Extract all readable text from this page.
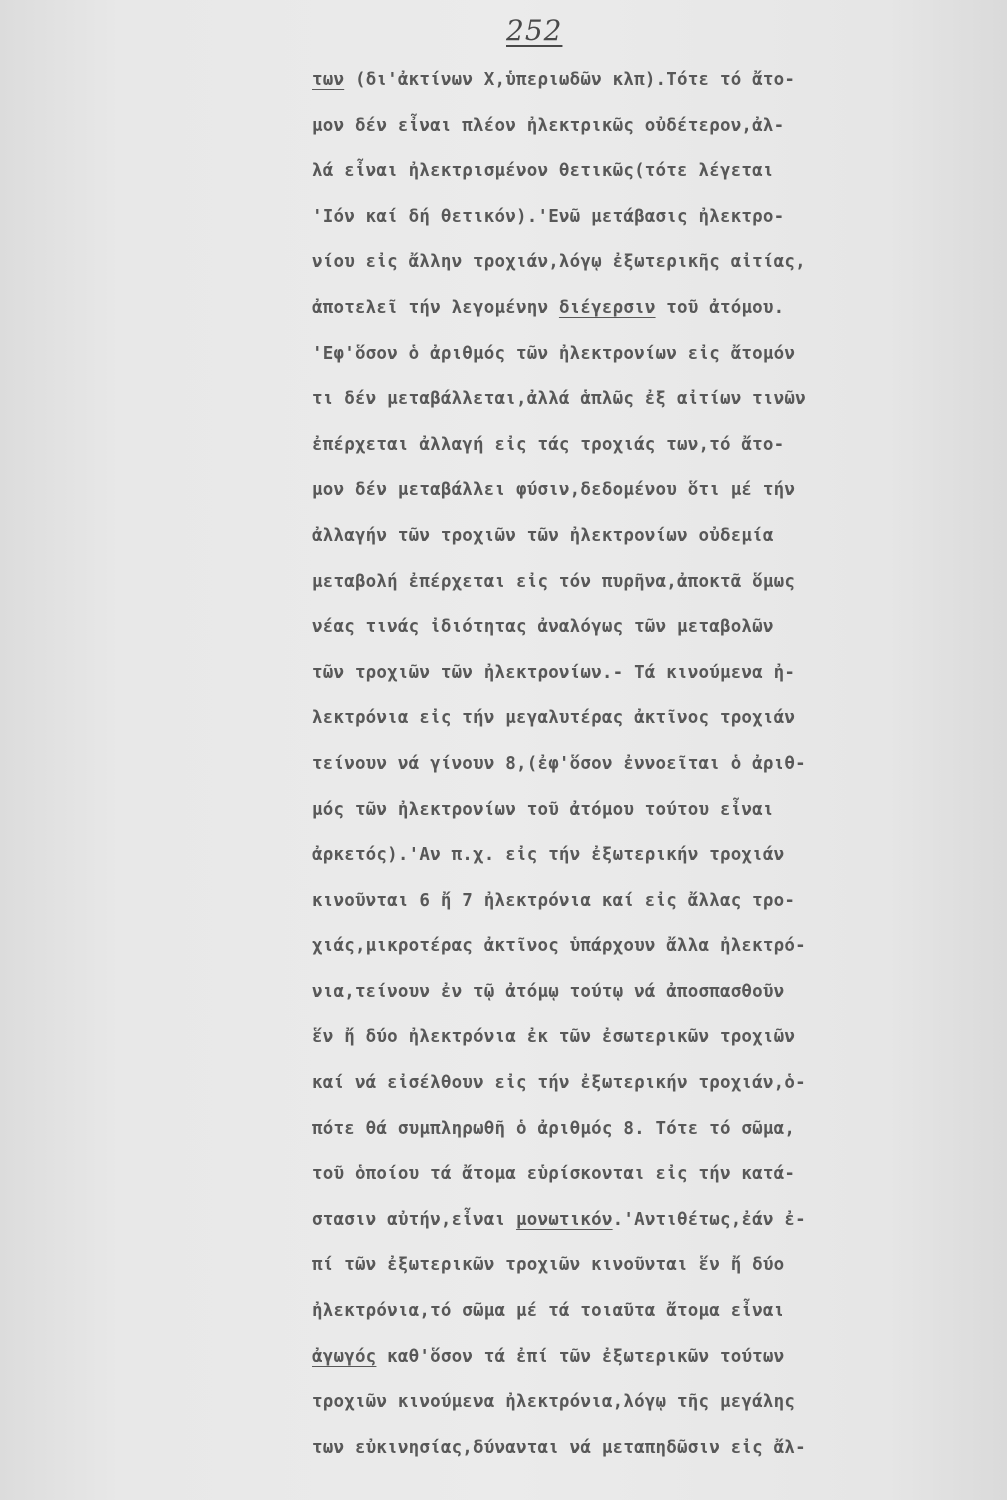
252
των (δι'ἀκτίνων Χ,ὑπεριωδῶν κλπ).Τότε τό ἄτο-
μον δέν εἶναι πλέον ἠλεκτρικῶς οὐδέτερον,ἀλ-
λά εἶναι ἠλεκτρισμένον θετικῶς(τότε λέγεται
'Ιόν καί δή θετικόν).'Ενῶ μετάβασις ἠλεκτρο-
νίου εἰς ἄλλην τροχιάν,λόγῳ ἐξωτερικῆς αἰτίας,
ἀποτελεῖ τήν λεγομένην διέγερσιν τοῦ ἀτόμου.
'Εφ'ὅσον ὁ ἀριθμός τῶν ἠλεκτρονίων εἰς ἄτομόν
τι δέν μεταβάλλεται,ἀλλά ἁπλῶς ἐξ αἰτίων τινῶν
ἐπέρχεται ἀλλαγή εἰς τάς τροχιάς των,τό ἄτο-
μον δέν μεταβάλλει φύσιν,δεδομένου ὅτι μέ τήν
ἀλλαγήν τῶν τροχιῶν τῶν ἠλεκτρονίων οὐδεμία
μεταβολή ἐπέρχεται εἰς τόν πυρῆνα,ἀποκτᾶ ὅμως
νέας τινάς ἰδιότητας ἀναλόγως τῶν μεταβολῶν
τῶν τροχιῶν τῶν ἠλεκτρονίων.- Τά κινούμενα ἠ-
λεκτρόνια εἰς τήν μεγαλυτέρας ἀκτῖνος τροχιάν
τείνουν νά γίνουν 8,(ἐφ'ὅσον ἐννοεῖται ὁ ἀριθ-
μός τῶν ἠλεκτρονίων τοῦ ἀτόμου τούτου εἶναι
ἀρκετός).'Αν π.χ. εἰς τήν ἐξωτερικήν τροχιάν
κινοῦνται 6 ἤ 7 ἠλεκτρόνια καί εἰς ἄλλας τρο-
χιάς,μικροτέρας ἀκτῖνος ὑπάρχουν ἄλλα ἠλεκτρό-
νια,τείνουν ἐν τῷ ἀτόμῳ τούτῳ νά ἀποσπασθοῦν
ἕν ἤ δύο ἠλεκτρόνια ἐκ τῶν ἐσωτερικῶν τροχιῶν
καί νά εἰσέλθουν εἰς τήν ἐξωτερικήν τροχιάν,ὁ-
πότε θά συμπληρωθῆ ὁ ἀριθμός 8. Τότε τό σῶμα,
τοῦ ὁποίου τά ἄτομα εὑρίσκονται εἰς τήν κατά-
στασιν αὐτήν,εἶναι μονωτικόν.'Αντιθέτως,ἐάν ἐ-
πί τῶν ἐξωτερικῶν τροχιῶν κινοῦνται ἕν ἤ δύο
ἠλεκτρόνια,τό σῶμα μέ τά τοιαῦτα ἄτομα εἶναι
ἀγωγός καθ'ὅσον τά ἐπί τῶν ἐξωτερικῶν τούτων
τροχιῶν κινούμενα ἠλεκτρόνια,λόγῳ τῆς μεγάλης
των εὐκινησίας,δύνανται νά μεταπηδῶσιν εἰς ἄλ-
